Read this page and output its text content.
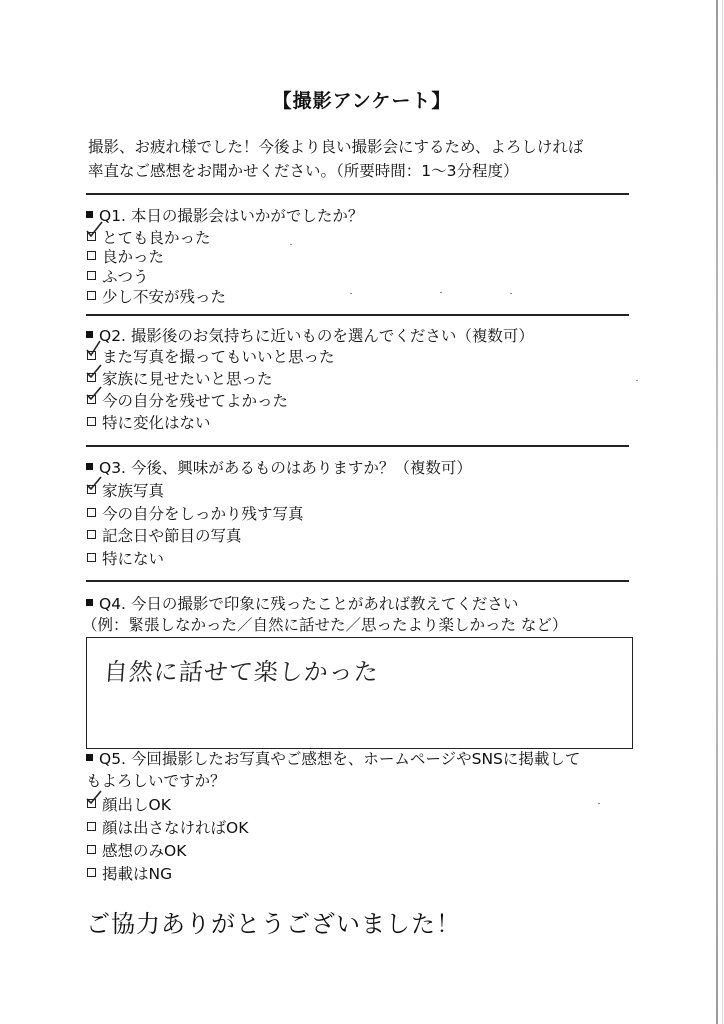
【撮影アンケート】
撮影、お疲れ様でした！今後より良い撮影会にするため、よろしければ
率直なご感想をお聞かせください。（所要時間：1〜3分程度）
Q1. 本日の撮影会はいかがでしたか？
とても良かった
良かった
ふつう
少し不安が残った
Q2. 撮影後のお気持ちに近いものを選んでください（複数可）
また写真を撮ってもいいと思った
家族に見せたいと思った
今の自分を残せてよかった
特に変化はない
Q3. 今後、興味があるものはありますか？（複数可）
家族写真
今の自分をしっかり残す写真
記念日や節目の写真
特にない
Q4. 今日の撮影で印象に残ったことがあれば教えてください
（例：緊張しなかった／自然に話せた／思ったより楽しかった など）
自然に話せて楽しかった
Q5. 今回撮影したお写真やご感想を、ホームページやSNSに掲載して
もよろしいですか？
顔出しOK
顔は出さなければOK
感想のみOK
掲載はNG
ご協力ありがとうございました！
